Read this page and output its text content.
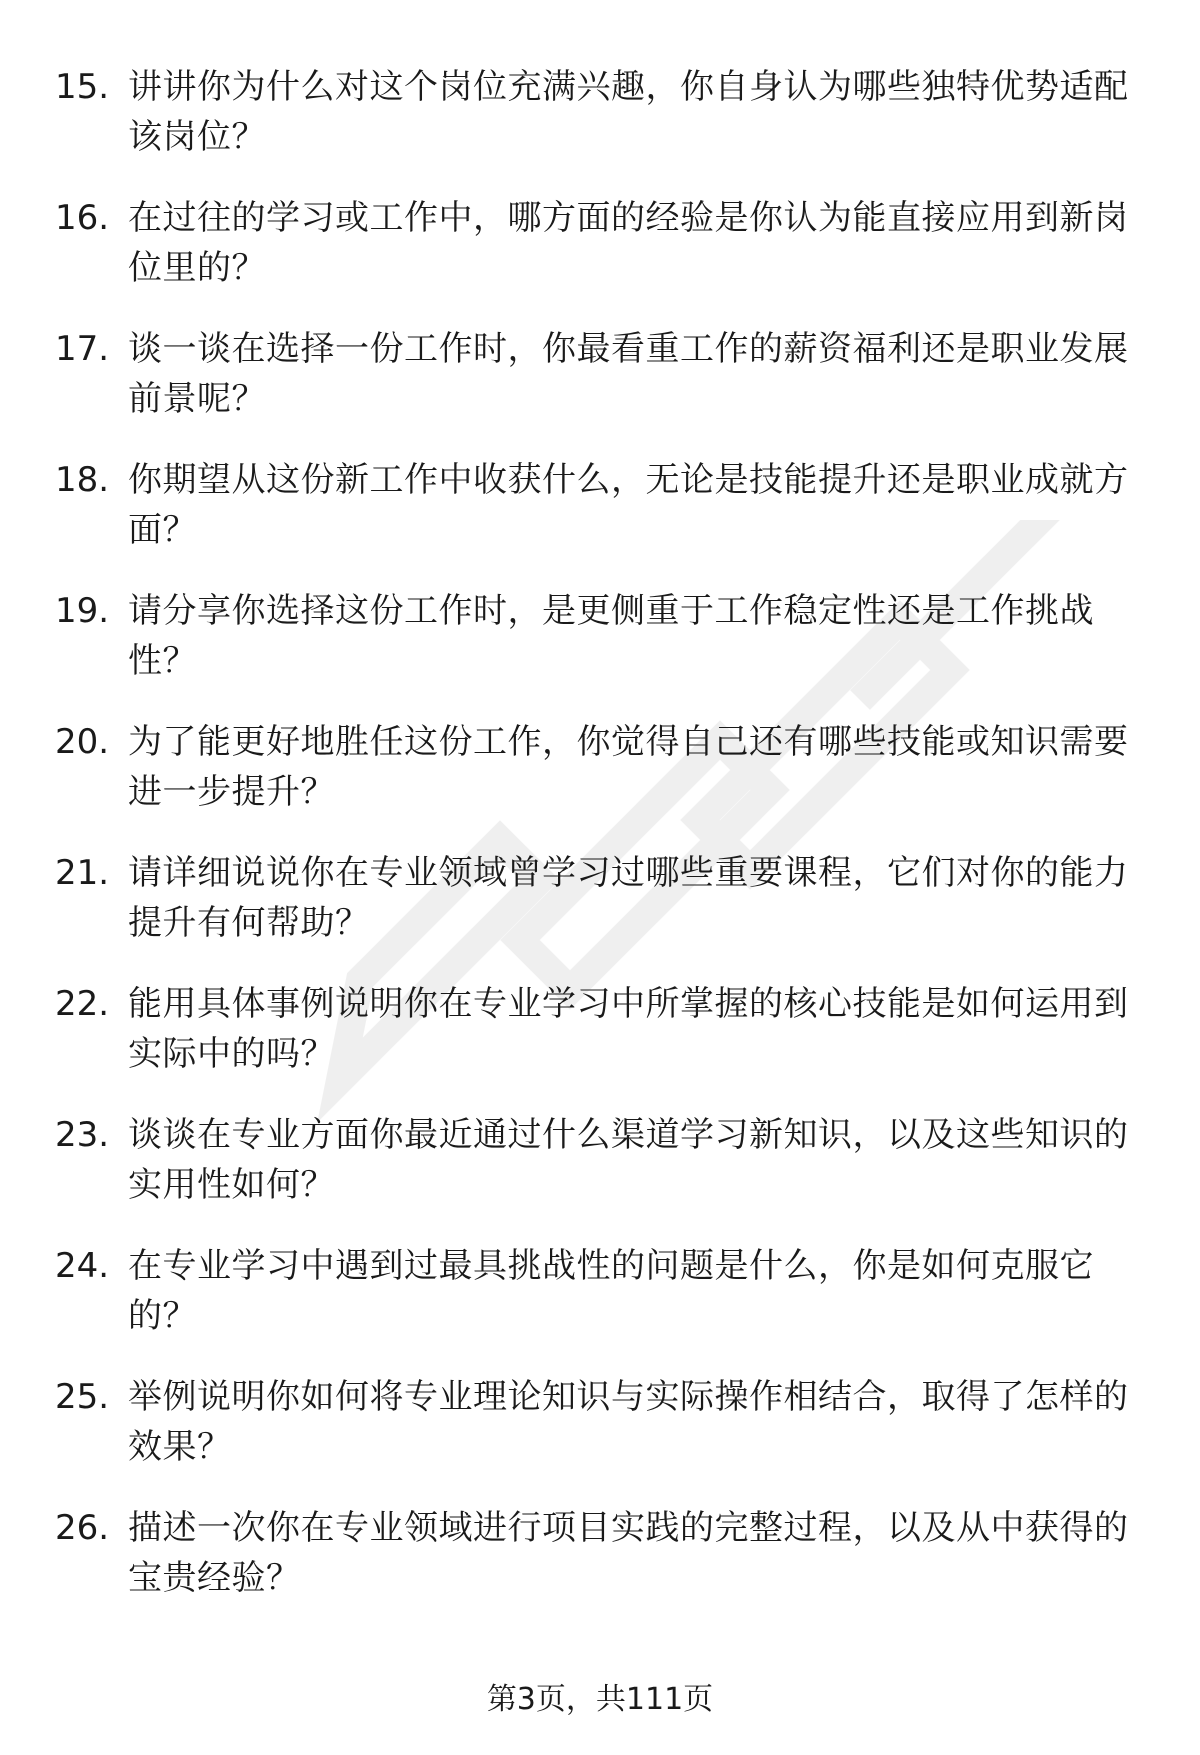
15. 讲讲你为什么对这个岗位充满兴趣，你自身认为哪些独特优势适配该岗位？
16. 在过往的学习或工作中，哪方面的经验是你认为能直接应用到新岗位里的？
17. 谈一谈在选择一份工作时，你最看重工作的薪资福利还是职业发展前景呢？
18. 你期望从这份新工作中收获什么，无论是技能提升还是职业成就方面？
19. 请分享你选择这份工作时，是更侧重于工作稳定性还是工作挑战性？
20. 为了能更好地胜任这份工作，你觉得自己还有哪些技能或知识需要进一步提升？
21. 请详细说说你在专业领域曾学习过哪些重要课程，它们对你的能力提升有何帮助？
22. 能用具体事例说明你在专业学习中所掌握的核心技能是如何运用到实际中的吗？
23. 谈谈在专业方面你最近通过什么渠道学习新知识，以及这些知识的实用性如何？
24. 在专业学习中遇到过最具挑战性的问题是什么，你是如何克服它的？
25. 举例说明你如何将专业理论知识与实际操作相结合，取得了怎样的效果？
26. 描述一次你在专业领域进行项目实践的完整过程，以及从中获得的宝贵经验？
第3页，共111页
